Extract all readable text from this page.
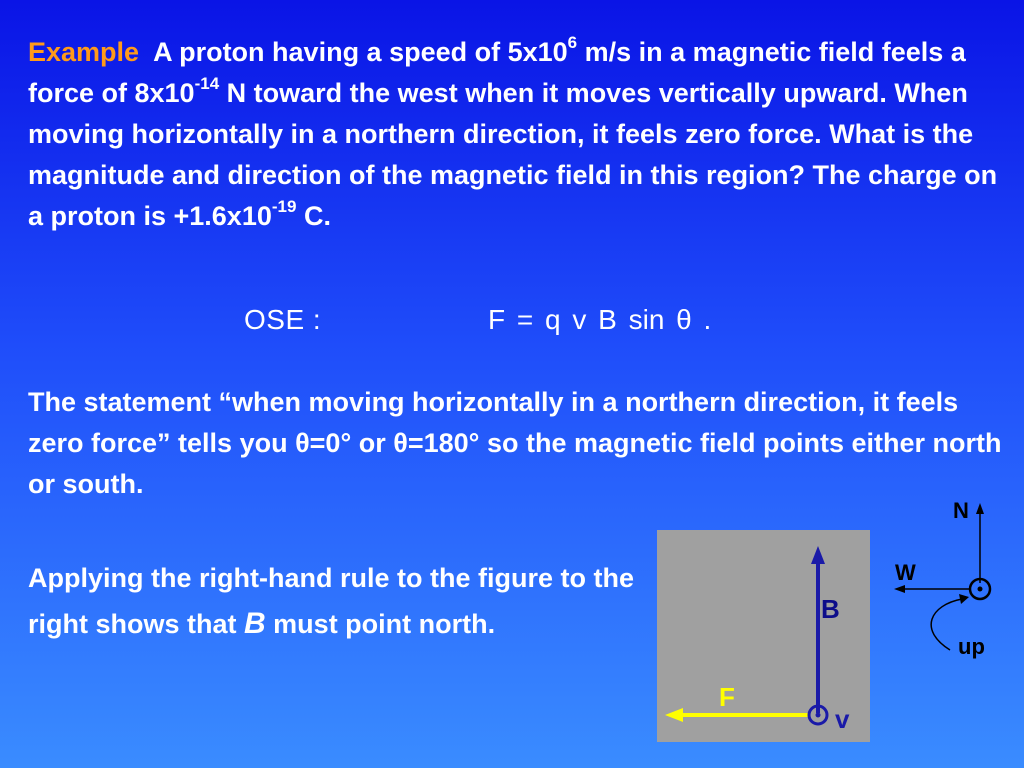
Example A proton having a speed of $5x10^6$ m/s in a magnetic field feels a force of $8x10^{-14}$ N toward the west when it moves vertically upward. When moving horizontally in a northern direction, it feels zero force. What is the magnitude and direction of the magnetic field in this region? The charge on a proton is $+1.6x10^{-19}$ C.

OSE :	F = q v B sin θ .

The statement “when moving horizontally in a northern direction, it feels zero force” tells you θ=0° or θ=180° so the magnetic field points either north or south.

Applying the right-hand rule to the figure to the right shows that B must point north.	B
F
v
N
W
up
